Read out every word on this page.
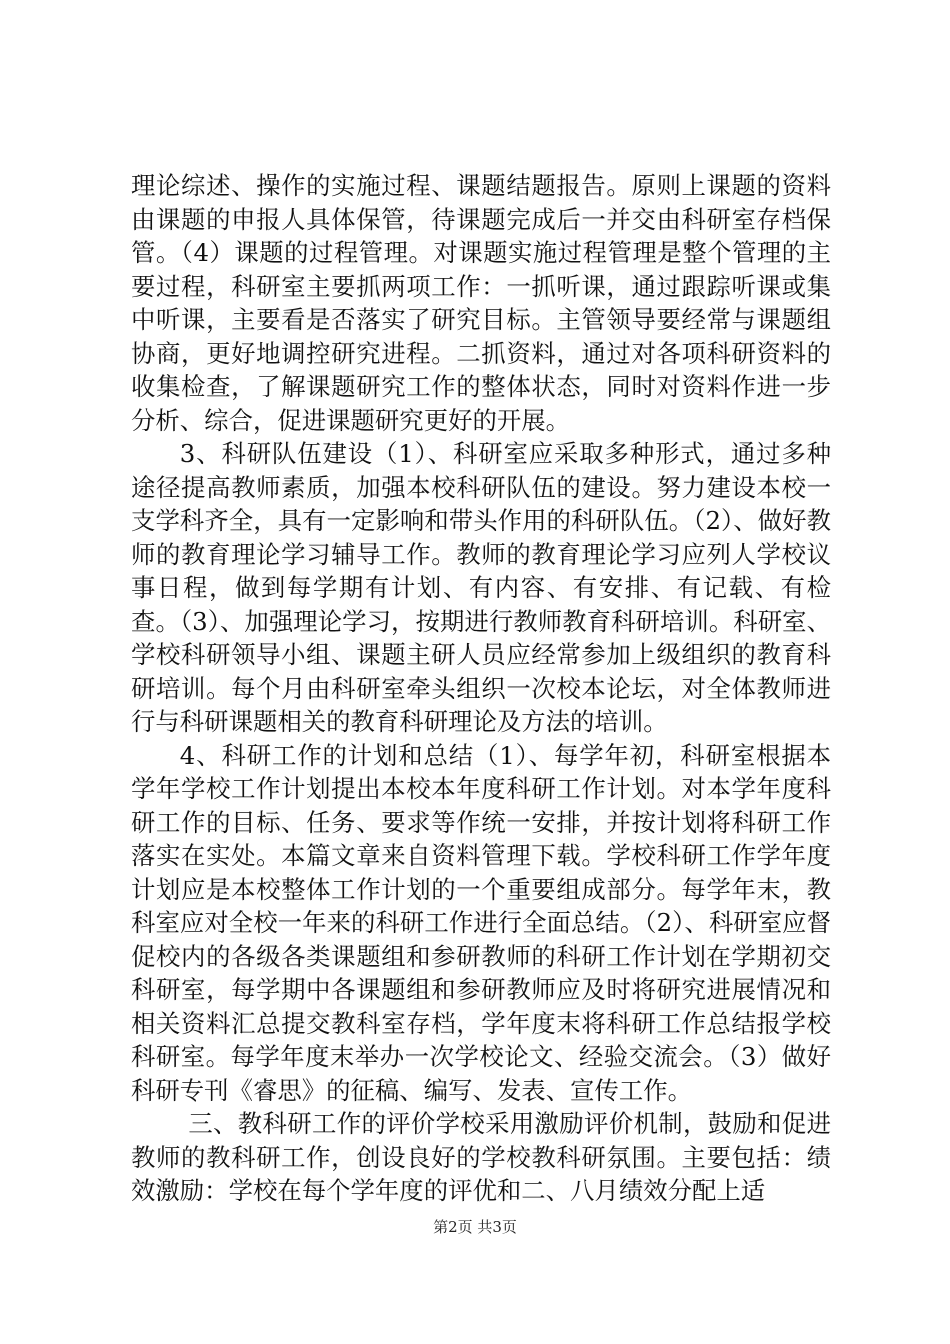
理论综述、操作的实施过程、课题结题报告。原则上课题的资料由课题的申报人具体保管，待课题完成后一并交由科研室存档保管。（4）课题的过程管理。对课题实施过程管理是整个管理的主要过程，科研室主要抓两项工作：一抓听课，通过跟踪听课或集中听课，主要看是否落实了研究目标。主管领导要经常与课题组协商，更好地调控研究进程。二抓资料，通过对各项科研资料的收集检查，了解课题研究工作的整体状态，同时对资料作进一步分析、综合，促进课题研究更好的开展。

3、科研队伍建设（1）、科研室应采取多种形式，通过多种途径提高教师素质，加强本校科研队伍的建设。努力建设本校一支学科齐全，具有一定影响和带头作用的科研队伍。（2）、做好教师的教育理论学习辅导工作。教师的教育理论学习应列人学校议事日程，做到每学期有计划、有内容、有安排、有记载、有检查。（3）、加强理论学习，按期进行教师教育科研培训。科研室、学校科研领导小组、课题主研人员应经常参加上级组织的教育科研培训。每个月由科研室牵头组织一次校本论坛，对全体教师进行与科研课题相关的教育科研理论及方法的培训。

4、科研工作的计划和总结（1）、每学年初，科研室根据本学年学校工作计划提出本校本年度科研工作计划。对本学年度科研工作的目标、任务、要求等作统一安排，并按计划将科研工作落实在实处。本篇文章来自资料管理下载。学校科研工作学年度计划应是本校整体工作计划的一个重要组成部分。每学年末，教科室应对全校一年来的科研工作进行全面总结。（2）、科研室应督促校内的各级各类课题组和参研教师的科研工作计划在学期初交科研室，每学期中各课题组和参研教师应及时将研究进展情况和相关资料汇总提交教科室存档，学年度末将科研工作总结报学校科研室。每学年度末举办一次学校论文、经验交流会。（3）做好科研专刊《睿思》的征稿、编写、发表、宣传工作。

三、教科研工作的评价学校采用激励评价机制，鼓励和促进教师的教科研工作，创设良好的学校教科研氛围。主要包括：绩效激励：学校在每个学年度的评优和二、八月绩效分配上适

第2页 共3页
